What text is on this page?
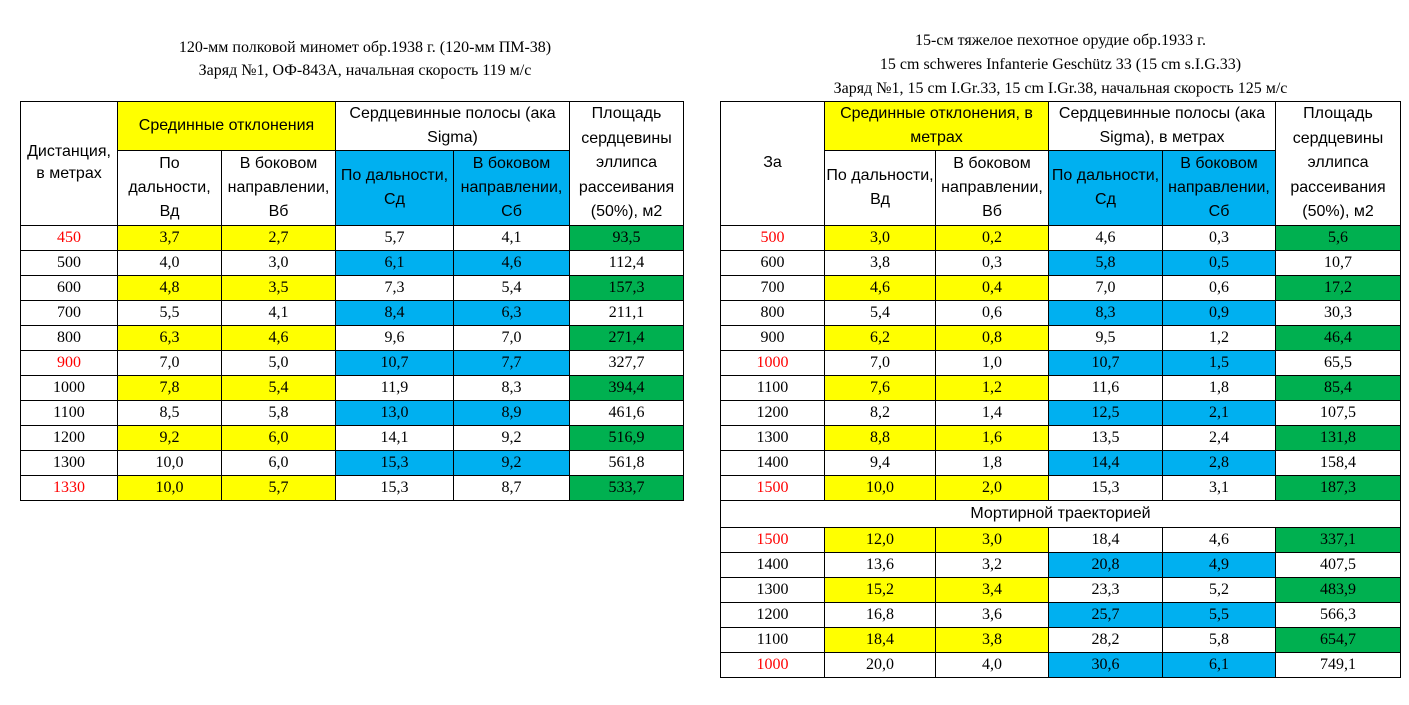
120-мм полковой миномет обр.1938 г. (120-мм ПМ-38)
Заряд №1, ОФ-843А, начальная скорость 119 м/с
15-см тяжелое пехотное орудие обр.1933 г.
15 cm schweres Infanterie Geschütz 33 (15 cm s.I.G.33)
Заряд №1, 15 cm I.Gr.33, 15 cm I.Gr.38, начальная скорость 125 м/с
Дистанция, в метрах	Срединные отклонения		Сердцевинные полосы (ака Sigma)		Площадь сердцевины эллипса рассеивания (50%), м2

	По дальности, Вд	В боковом направлении, Вб	По дальности, Сд	В боковом направлении, Сб	

450	3,7	2,7	5,7	4,1	93,5
500	4,0	3,0	6,1	4,6	112,4
600	4,8	3,5	7,3	5,4	157,3
700	5,5	4,1	8,4	6,3	211,1
800	6,3	4,6	9,6	7,0	271,4
900	7,0	5,0	10,7	7,7	327,7
1000	7,8	5,4	11,9	8,3	394,4
1100	8,5	5,8	13,0	8,9	461,6
1200	9,2	6,0	14,1	9,2	516,9
1300	10,0	6,0	15,3	9,2	561,8
1330	10,0	5,7	15,3	8,7	533,7
За	Срединные отклонения, в метрах		Сердцевинные полосы (ака Sigma), в метрах		Площадь сердцевины эллипса рассеивания (50%), м2

	По дальности, Вд	В боковом направлении, Вб	По дальности, Сд	В боковом направлении, Сб	

500	3,0	0,2	4,6	0,3	5,6
600	3,8	0,3	5,8	0,5	10,7
700	4,6	0,4	7,0	0,6	17,2
800	5,4	0,6	8,3	0,9	30,3
900	6,2	0,8	9,5	1,2	46,4
1000	7,0	1,0	10,7	1,5	65,5
1100	7,6	1,2	11,6	1,8	85,4
1200	8,2	1,4	12,5	2,1	107,5
1300	8,8	1,6	13,5	2,4	131,8
1400	9,4	1,8	14,4	2,8	158,4
1500	10,0	2,0	15,3	3,1	187,3
Мортирной траекторией					
1500	12,0	3,0	18,4	4,6	337,1
1400	13,6	3,2	20,8	4,9	407,5
1300	15,2	3,4	23,3	5,2	483,9
1200	16,8	3,6	25,7	5,5	566,3
1100	18,4	3,8	28,2	5,8	654,7
1000	20,0	4,0	30,6	6,1	749,1
